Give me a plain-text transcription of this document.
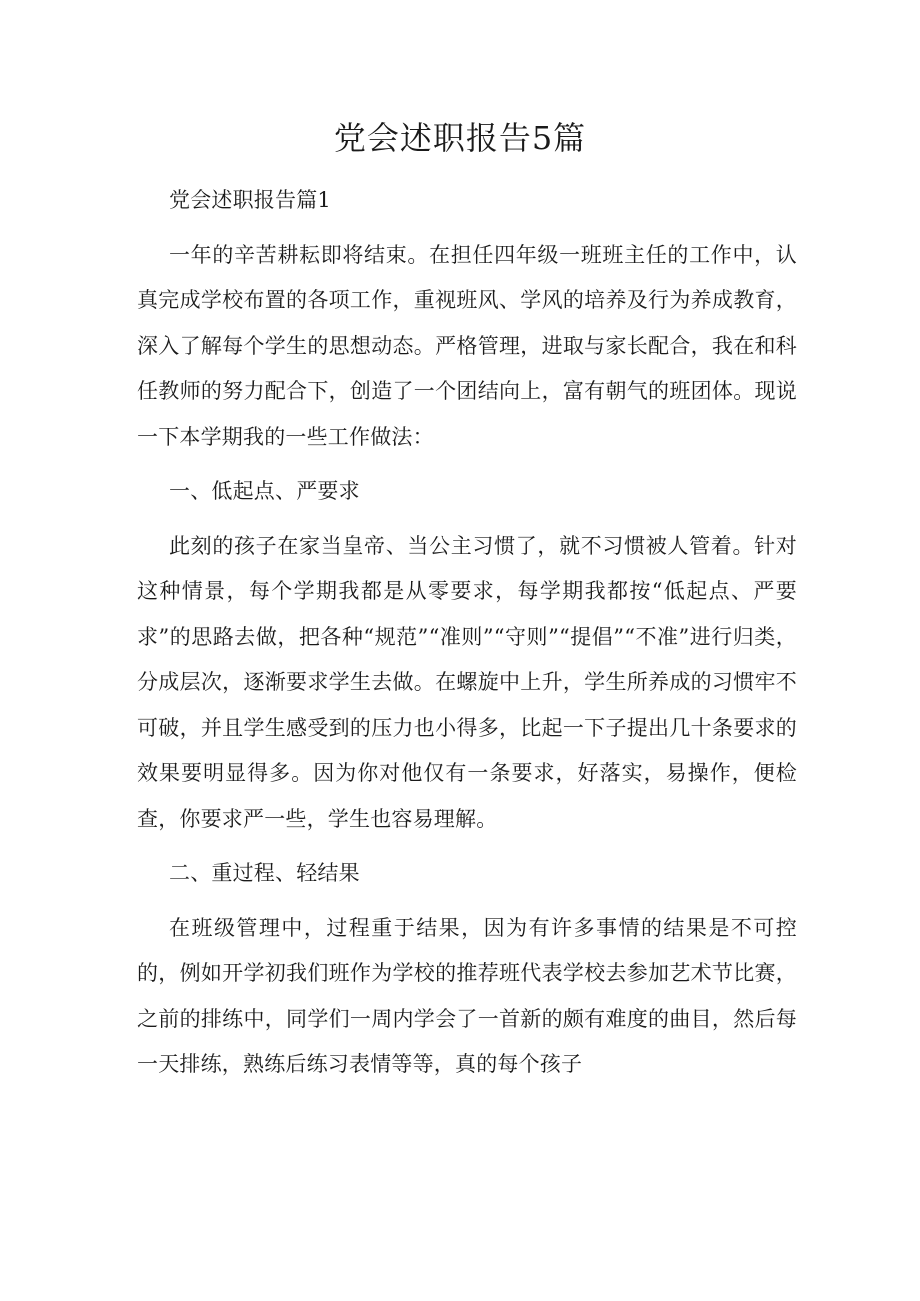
党会述职报告5篇

党会述职报告篇1

一年的辛苦耕耘即将结束。在担任四年级一班班主任的工作中，认真完成学校布置的各项工作，重视班风、学风的培养及行为养成教育，深入了解每个学生的思想动态。严格管理，进取与家长配合，我在和科任教师的努力配合下，创造了一个团结向上，富有朝气的班团体。现说一下本学期我的一些工作做法：

一、低起点、严要求

此刻的孩子在家当皇帝、当公主习惯了，就不习惯被人管着。针对这种情景，每个学期我都是从零要求，每学期我都按“低起点、严要求”的思路去做，把各种“规范”“准则”“守则”“提倡”“不准”进行归类，分成层次，逐渐要求学生去做。在螺旋中上升，学生所养成的习惯牢不可破，并且学生感受到的压力也小得多，比起一下子提出几十条要求的效果要明显得多。因为你对他仅有一条要求，好落实，易操作，便检查，你要求严一些，学生也容易理解。

二、重过程、轻结果

在班级管理中，过程重于结果，因为有许多事情的结果是不可控的，例如开学初我们班作为学校的推荐班代表学校去参加艺术节比赛，之前的排练中，同学们一周内学会了一首新的颇有难度的曲目，然后每一天排练，熟练后练习表情等等，真的每个孩子
